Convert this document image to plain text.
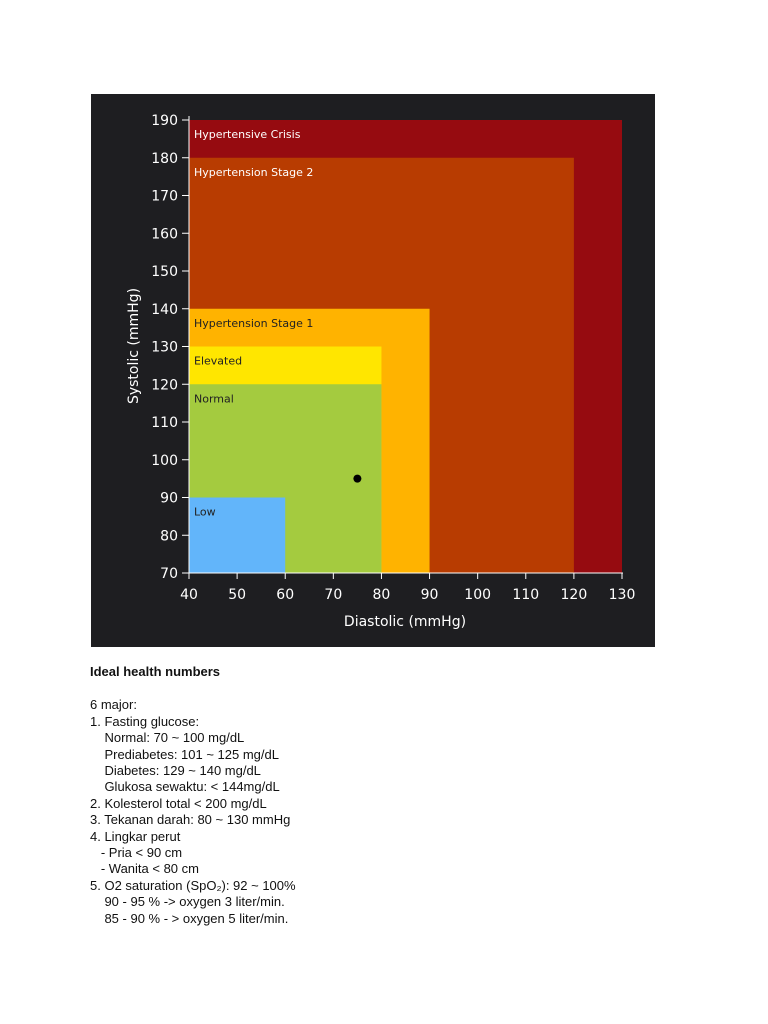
Hypertensive Crisis
Hypertension Stage 2
Hypertension Stage 1
Elevated
Normal
Low
70
80
90
100
110
120
130
140
150
160
170
180
190
40 50 60 70 80 90 100 110 120 130
Diastolic (mmHg)
Systolic (mmHg)
Ideal health numbers
6 major:
1. Fasting glucose:
Normal: 70 ~ 100 mg/dL
Prediabetes: 101 ~ 125 mg/dL
Diabetes: 129 ~ 140 mg/dL
Glukosa sewaktu: < 144mg/dL
2. Kolesterol total < 200 mg/dL
3. Tekanan darah: 80 ~ 130 mmHg
4. Lingkar perut
- Pria < 90 cm
- Wanita < 80 cm
5. O2 saturation (SpO₂): 92 ~ 100%
90 - 95 % -> oxygen 3 liter/min.
85 - 90 % - > oxygen 5 liter/min.
